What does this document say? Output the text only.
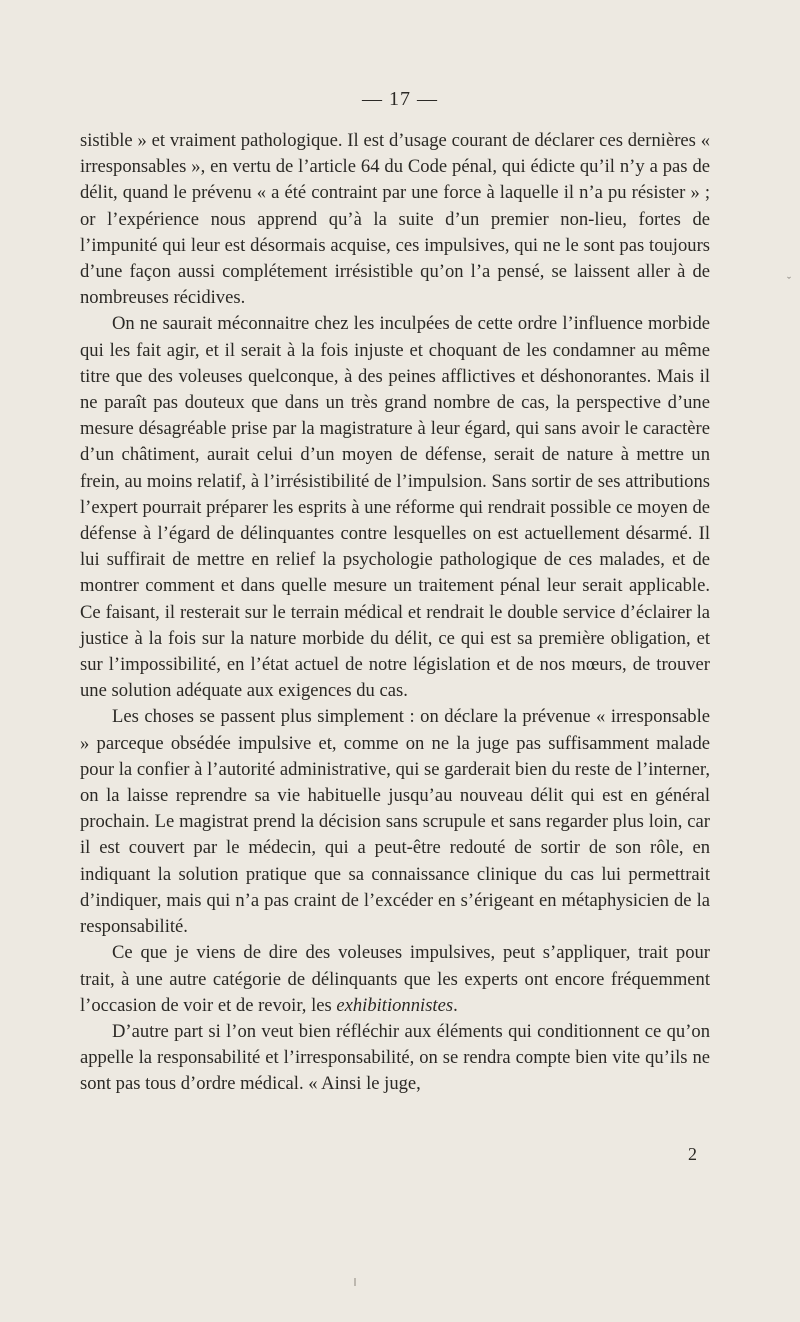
— 17 —

sistible » et vraiment pathologique. Il est d’usage courant de déclarer ces dernières « irresponsables », en vertu de l’article 64 du Code pénal, qui édicte qu’il n’y a pas de délit, quand le prévenu « a été contraint par une force à laquelle il n’a pu résister » ; or l’expérience nous apprend qu’à la suite d’un premier non-lieu, fortes de l’impunité qui leur est désormais acquise, ces impulsives, qui ne le sont pas toujours d’une façon aussi complétement irrésistible qu’on l’a pensé, se laissent aller à de nombreuses récidives.

On ne saurait méconnaitre chez les inculpées de cette ordre l’influence morbide qui les fait agir, et il serait à la fois injuste et choquant de les condamner au même titre que des voleuses quelconque, à des peines afflictives et déshonorantes. Mais il ne paraît pas douteux que dans un très grand nombre de cas, la perspective d’une mesure désagréable prise par la magistrature à leur égard, qui sans avoir le caractère d’un châtiment, aurait celui d’un moyen de défense, serait de nature à mettre un frein, au moins relatif, à l’irrésistibilité de l’impulsion. Sans sortir de ses attributions l’expert pourrait préparer les esprits à une réforme qui rendrait possible ce moyen de défense à l’égard de délinquantes contre lesquelles on est actuellement désarmé. Il lui suffirait de mettre en relief la psychologie pathologique de ces malades, et de montrer comment et dans quelle mesure un traitement pénal leur serait applicable. Ce faisant, il resterait sur le terrain médical et rendrait le double service d’éclairer la justice à la fois sur la nature morbide du délit, ce qui est sa première obligation, et sur l’impossibilité, en l’état actuel de notre législation et de nos mœurs, de trouver une solution adéquate aux exigences du cas.

Les choses se passent plus simplement : on déclare la prévenue « irresponsable » parceque obsédée impulsive et, comme on ne la juge pas suffisamment malade pour la confier à l’autorité administrative, qui se garderait bien du reste de l’interner, on la laisse reprendre sa vie habituelle jusqu’au nouveau délit qui est en général prochain. Le magistrat prend la décision sans scrupule et sans regarder plus loin, car il est couvert par le médecin, qui a peut-être redouté de sortir de son rôle, en indiquant la solution pratique que sa connaissance clinique du cas lui permettrait d’indiquer, mais qui n’a pas craint de l’excéder en s’érigeant en métaphysicien de la responsabilité.

Ce que je viens de dire des voleuses impulsives, peut s’appliquer, trait pour trait, à une autre catégorie de délinquants que les experts ont encore fréquemment l’occasion de voir et de revoir, les exhibitionnistes.

D’autre part si l’on veut bien réfléchir aux éléments qui conditionnent ce qu’on appelle la responsabilité et l’irresponsabilité, on se rendra compte bien vite qu’ils ne sont pas tous d’ordre médical. « Ainsi le juge,

2
ˇ
